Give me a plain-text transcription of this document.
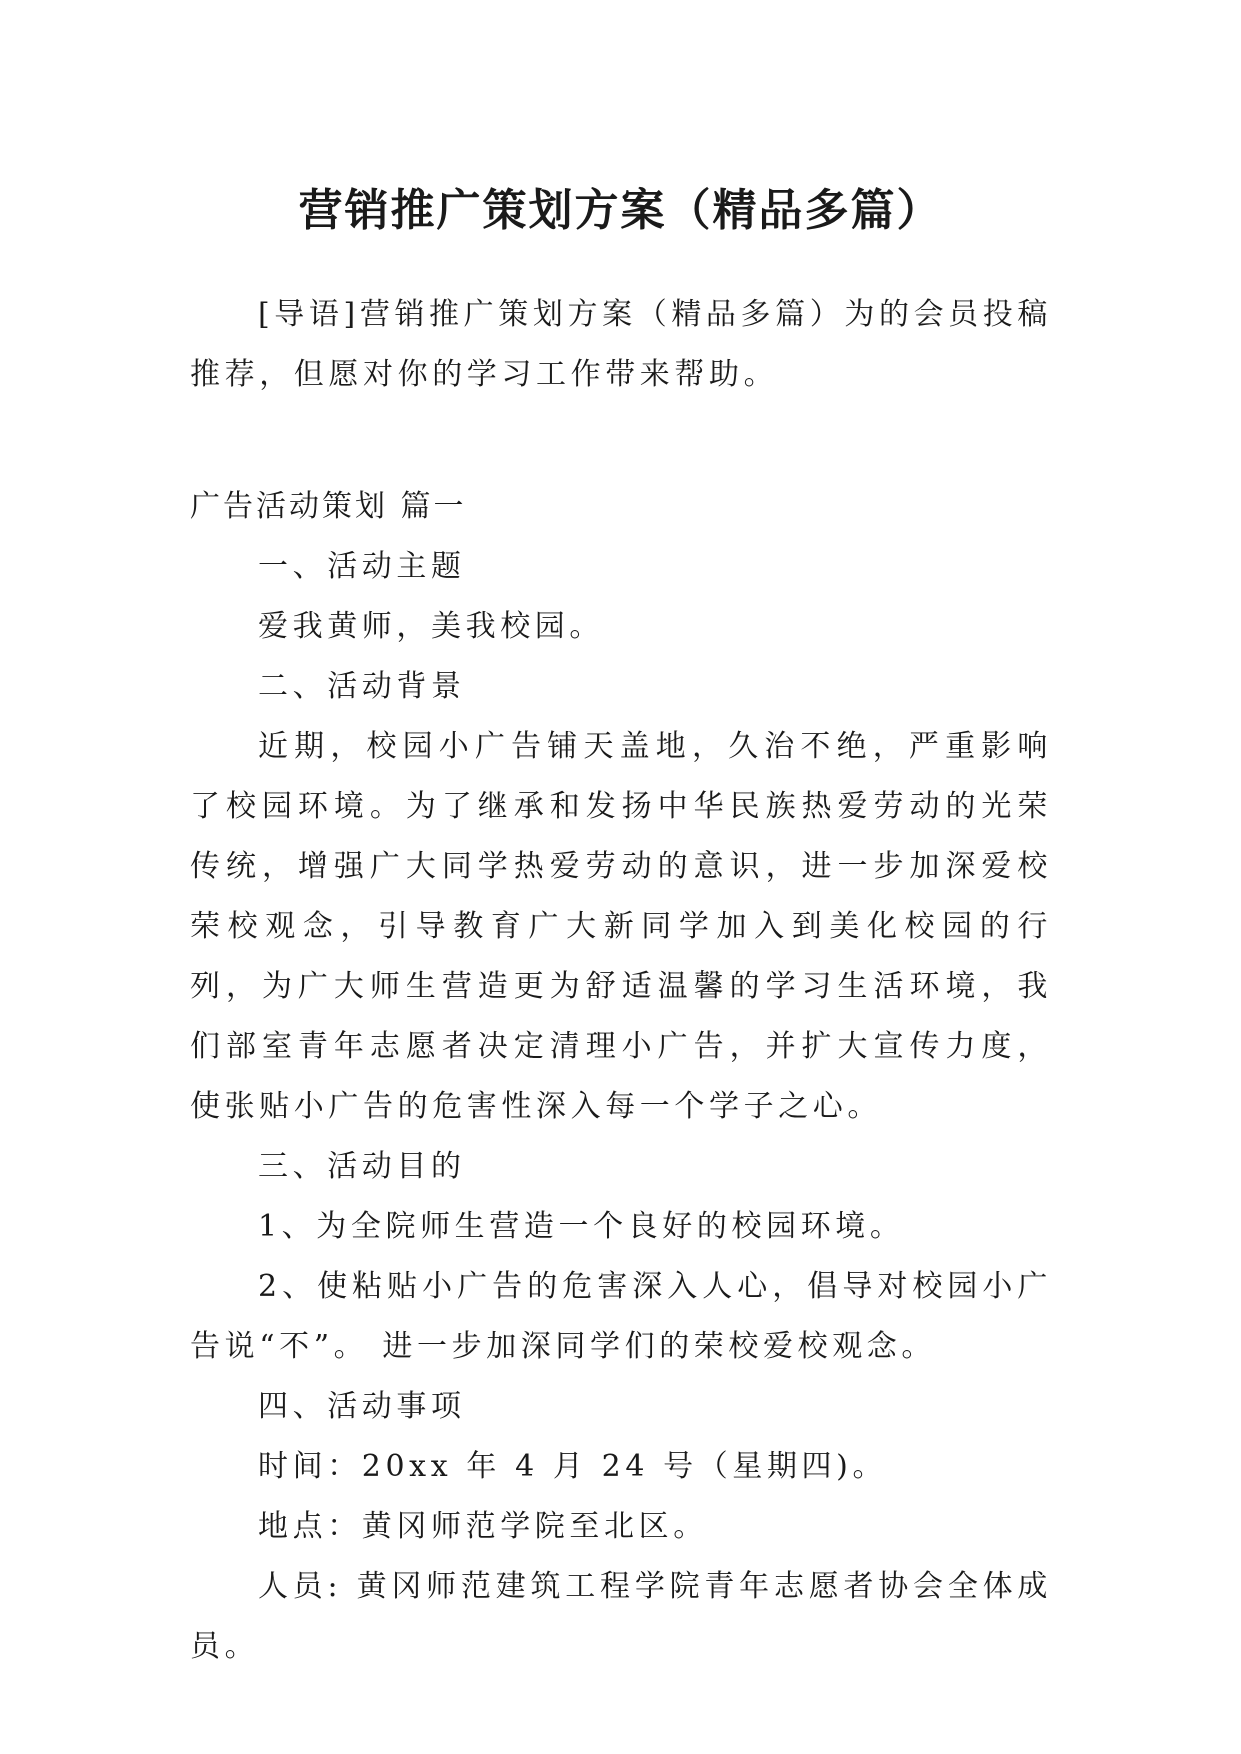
营销推广策划方案（精品多篇）

[导语]营销推广策划方案（精品多篇）为的会员投稿推荐，但愿对你的学习工作带来帮助。

广告活动策划 篇一

一、活动主题

爱我黄师，美我校园。

二、活动背景

近期，校园小广告铺天盖地，久治不绝，严重影响了校园环境。为了继承和发扬中华民族热爱劳动的光荣传统，增强广大同学热爱劳动的意识，进一步加深爱校荣校观念，引导教育广大新同学加入到美化校园的行列，为广大师生营造更为舒适温馨的学习生活环境，我们部室青年志愿者决定清理小广告，并扩大宣传力度，使张贴小广告的危害性深入每一个学子之心。

三、活动目的

1、为全院师生营造一个良好的校园环境。

2、使粘贴小广告的危害深入人心，倡导对校园小广告说“不”。 进一步加深同学们的荣校爱校观念。

四、活动事项

时间：20xx 年 4 月 24 号（星期四)。

地点：黄冈师范学院至北区。

人员: 黄冈师范建筑工程学院青年志愿者协会全体成员。
